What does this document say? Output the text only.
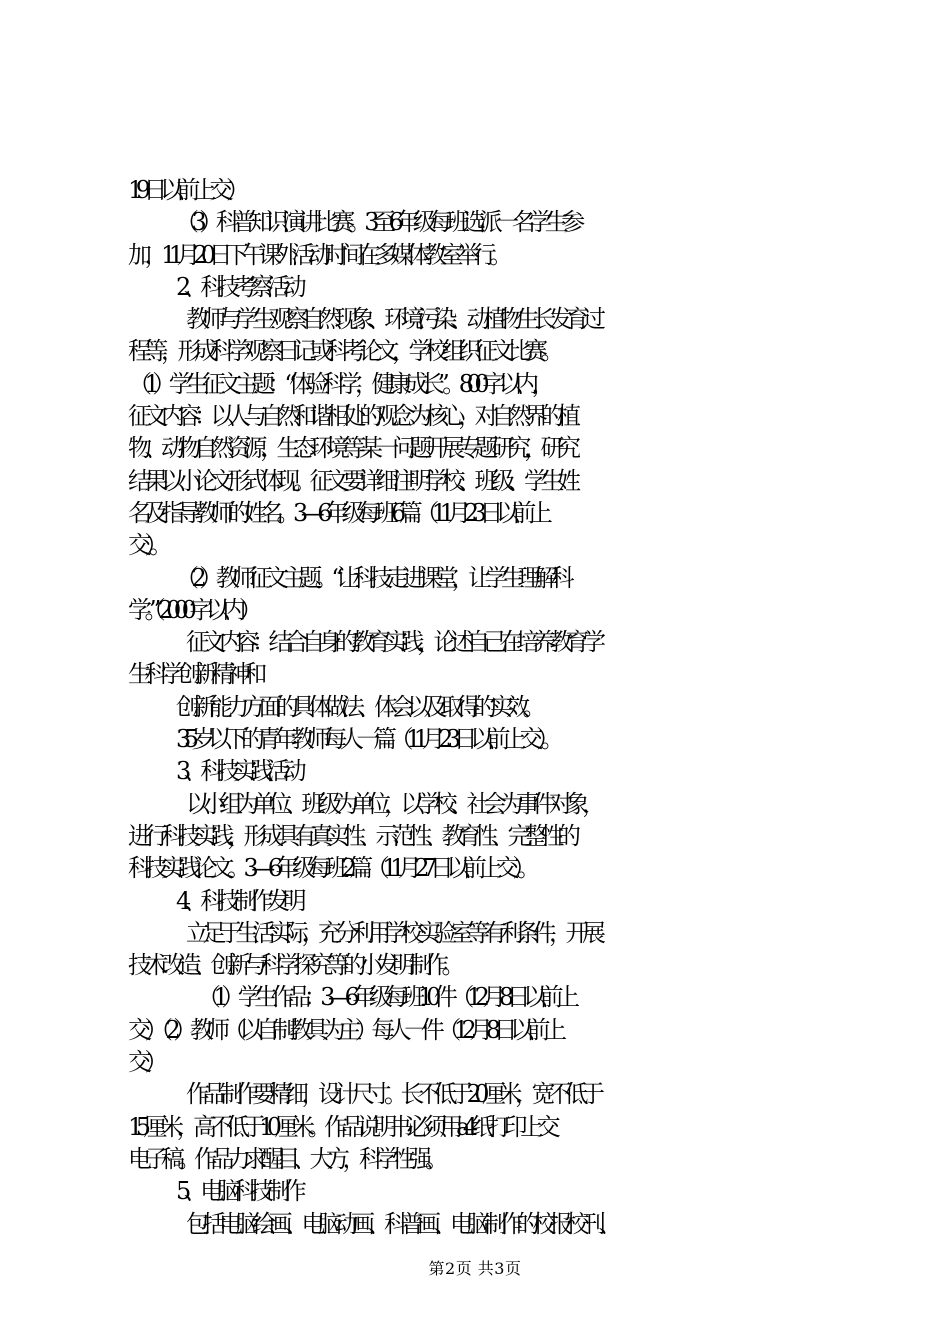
19日以前上交）
（3）科普知识演讲比赛。3至6年级每班选派一名学生参
加，11月20日下午课外活动时间在多媒体教室举行。
2、科技考察活动
教师与学生观察自然现象、环境污染、动植物生长发育过
程等，形成科学观察日记或科考论文，学校组织征文比赛。
（1）学生征文主题：“体验科学，健康成长”。800字以内，
征文内容：以人与自然和谐相处的观念为核心，对自然界的植
物、动物自然资源，生态环境等某一问题开展专题研究，研究
结果以小论文形式体现。征文要详细注明学校、班级、学生姓
名及指导教师的姓名。3—6年级每班6篇（11月23日以前上
交）。
（2）教师征文主题。“让科技走进课堂，让学生理解科
学。”（2000字以内）
征文内容：结合自身的教育实践，论述自己在培养教育学
生科学创新精神和
创新能力方面的具体做法、体会以及取得的实效。
35岁以下的青年教师每人一篇（11月23日以前上交）。
3、科技实践活动
以小组为单位、班级为单位，以学校、社会为事件对象，
进行科技实践，形成具有真实性、示范性、教育性、完整性的
科技实践论文。3—6年级每班2篇（11月27日以前上交）。
4、科技制作发明
立足于生活实际，充分利用学校实验室等有利条件，开展
技术改造、创新与科学探究等的小发明制作。
（1）学生作品：3—6年级每班10件（12月8日以前上
交）（2）教师（以自制教具为主）每人一件（12月8日以前上
交）
作品制作要精细，设计尺寸。长不低于20厘米，宽不低于
15厘米，高不低于10厘米。作品说明书必须用a4纸打印上交
电子稿。作品力求醒目、大方，科学性强。
5、电脑科技制作
包括电脑绘画、电脑动画、科普画、电脑制作的校报校刊、
第2页 共3页
